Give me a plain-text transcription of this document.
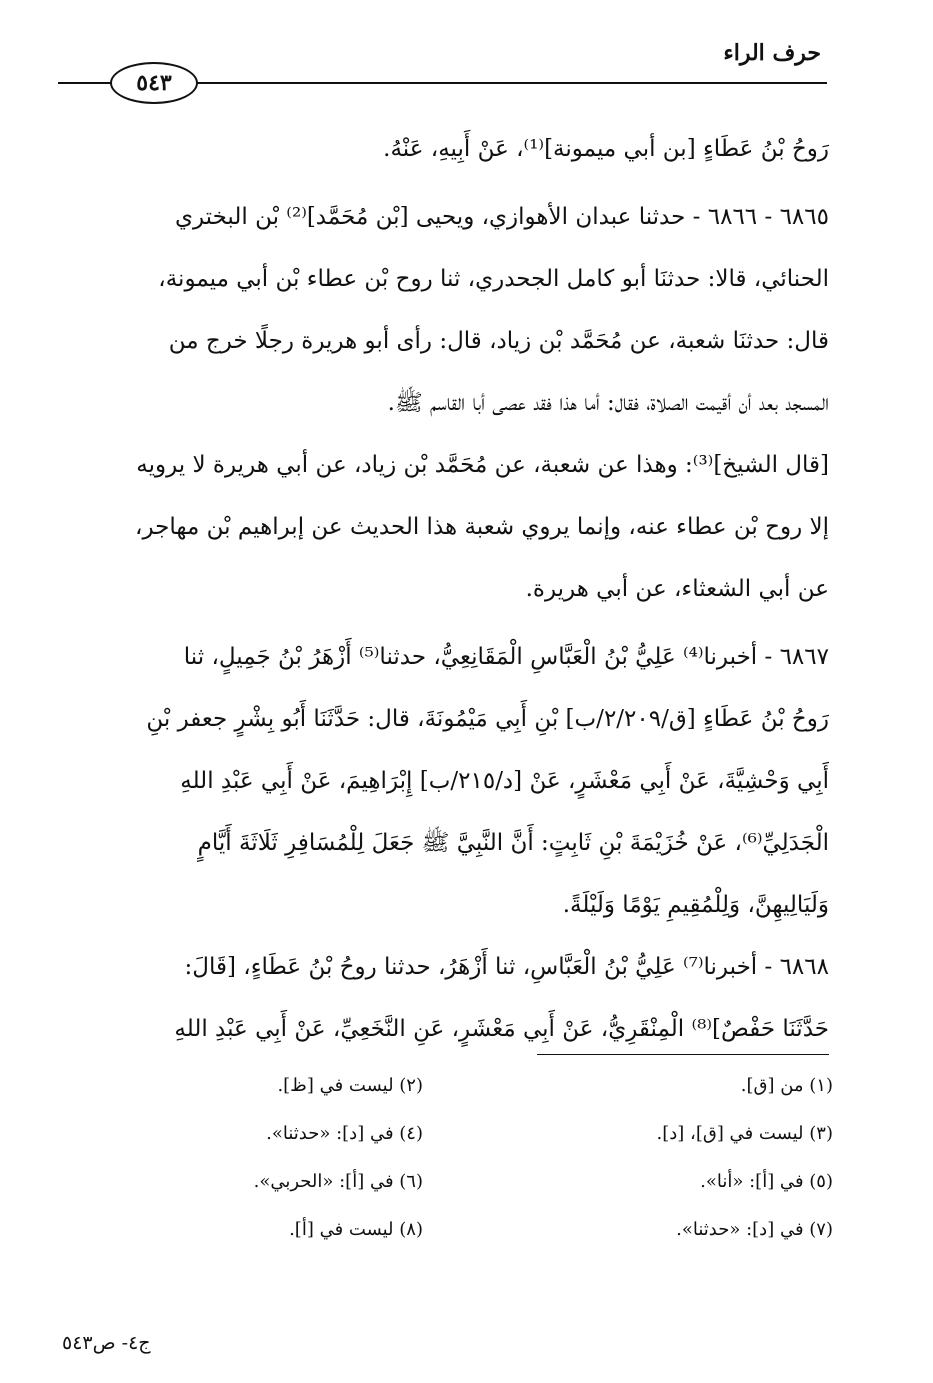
حرف الراء
٥٤٣
رَوحُ بْنُ عَطَاءٍ [بن أبي ميمونة]⁽¹⁾، عَنْ أَبِيهِ، عَنْهُ.
٦٨٦٥ - ٦٨٦٦ - حدثنا عبدان الأهوازي، ويحيى [بْن مُحَمَّد]⁽²⁾ بْن البختري
الحنائي، قالا: حدثنَا أبو كامل الجحدري، ثنا روح بْن عطاء بْن أبي ميمونة،
قال: حدثنَا شعبة، عن مُحَمَّد بْن زياد، قال: رأى أبو هريرة رجلًا خرج من
المسجد بعد أن أقيمت الصلاة، فقال: أما هذا فقد عصى أبا القاسم ﷺ.
[قال الشيخ]⁽³⁾: وهذا عن شعبة، عن مُحَمَّد بْن زياد، عن أبي هريرة لا يرويه
إلا روح بْن عطاء عنه، وإنما يروي شعبة هذا الحديث عن إبراهيم بْن مهاجر،
عن أبي الشعثاء، عن أبي هريرة.
٦٨٦٧ - أخبرنا⁽⁴⁾ عَلِيُّ بْنُ الْعَبَّاسِ الْمَقَانِعِيُّ، حدثنا⁽⁵⁾ أَزْهَرُ بْنُ جَمِيلٍ، ثنا
رَوحُ بْنُ عَطَاءٍ [ق/٢/٢٠٩/ب] بْنِ أَبِي مَيْمُونَةَ، قال: حَدَّثَنَا أَبُو بِشْرٍ جعفر بْنِ
أَبِي وَحْشِيَّةَ، عَنْ أَبِي مَعْشَرٍ، عَنْ [د/٢١٥/ب] إِبْرَاهِيمَ، عَنْ أَبِي عَبْدِ اللهِ
الْجَدَلِيِّ⁽⁶⁾، عَنْ خُزَيْمَةَ بْنِ ثَابِتٍ: أَنَّ النَّبِيَّ ﷺ جَعَلَ لِلْمُسَافِرِ ثَلَاثَةَ أَيَّامٍ
وَلَيَالِيهِنَّ، وَلِلْمُقِيمِ يَوْمًا وَلَيْلَةً.
٦٨٦٨ - أخبرنا⁽⁷⁾ عَلِيُّ بْنُ الْعَبَّاسِ، ثنا أَزْهَرُ، حدثنا روحُ بْنُ عَطَاءٍ، [قَالَ:
حَدَّثَنَا حَفْصٌ]⁽⁸⁾ الْمِنْقَرِيُّ، عَنْ أَبِي مَعْشَرٍ، عَنِ النَّخَعِيِّ، عَنْ أَبِي عَبْدِ اللهِ
(١) من [ق].
(٢) ليست في [ظ].
(٣) ليست في [ق]، [د].
(٤) في [د]: «حدثنا».
(٥) في [أ]: «أنا».
(٦) في [أ]: «الحربي».
(٧) في [د]: «حدثنا».
(٨) ليست في [أ].
ج٤- ص٥٤٣
